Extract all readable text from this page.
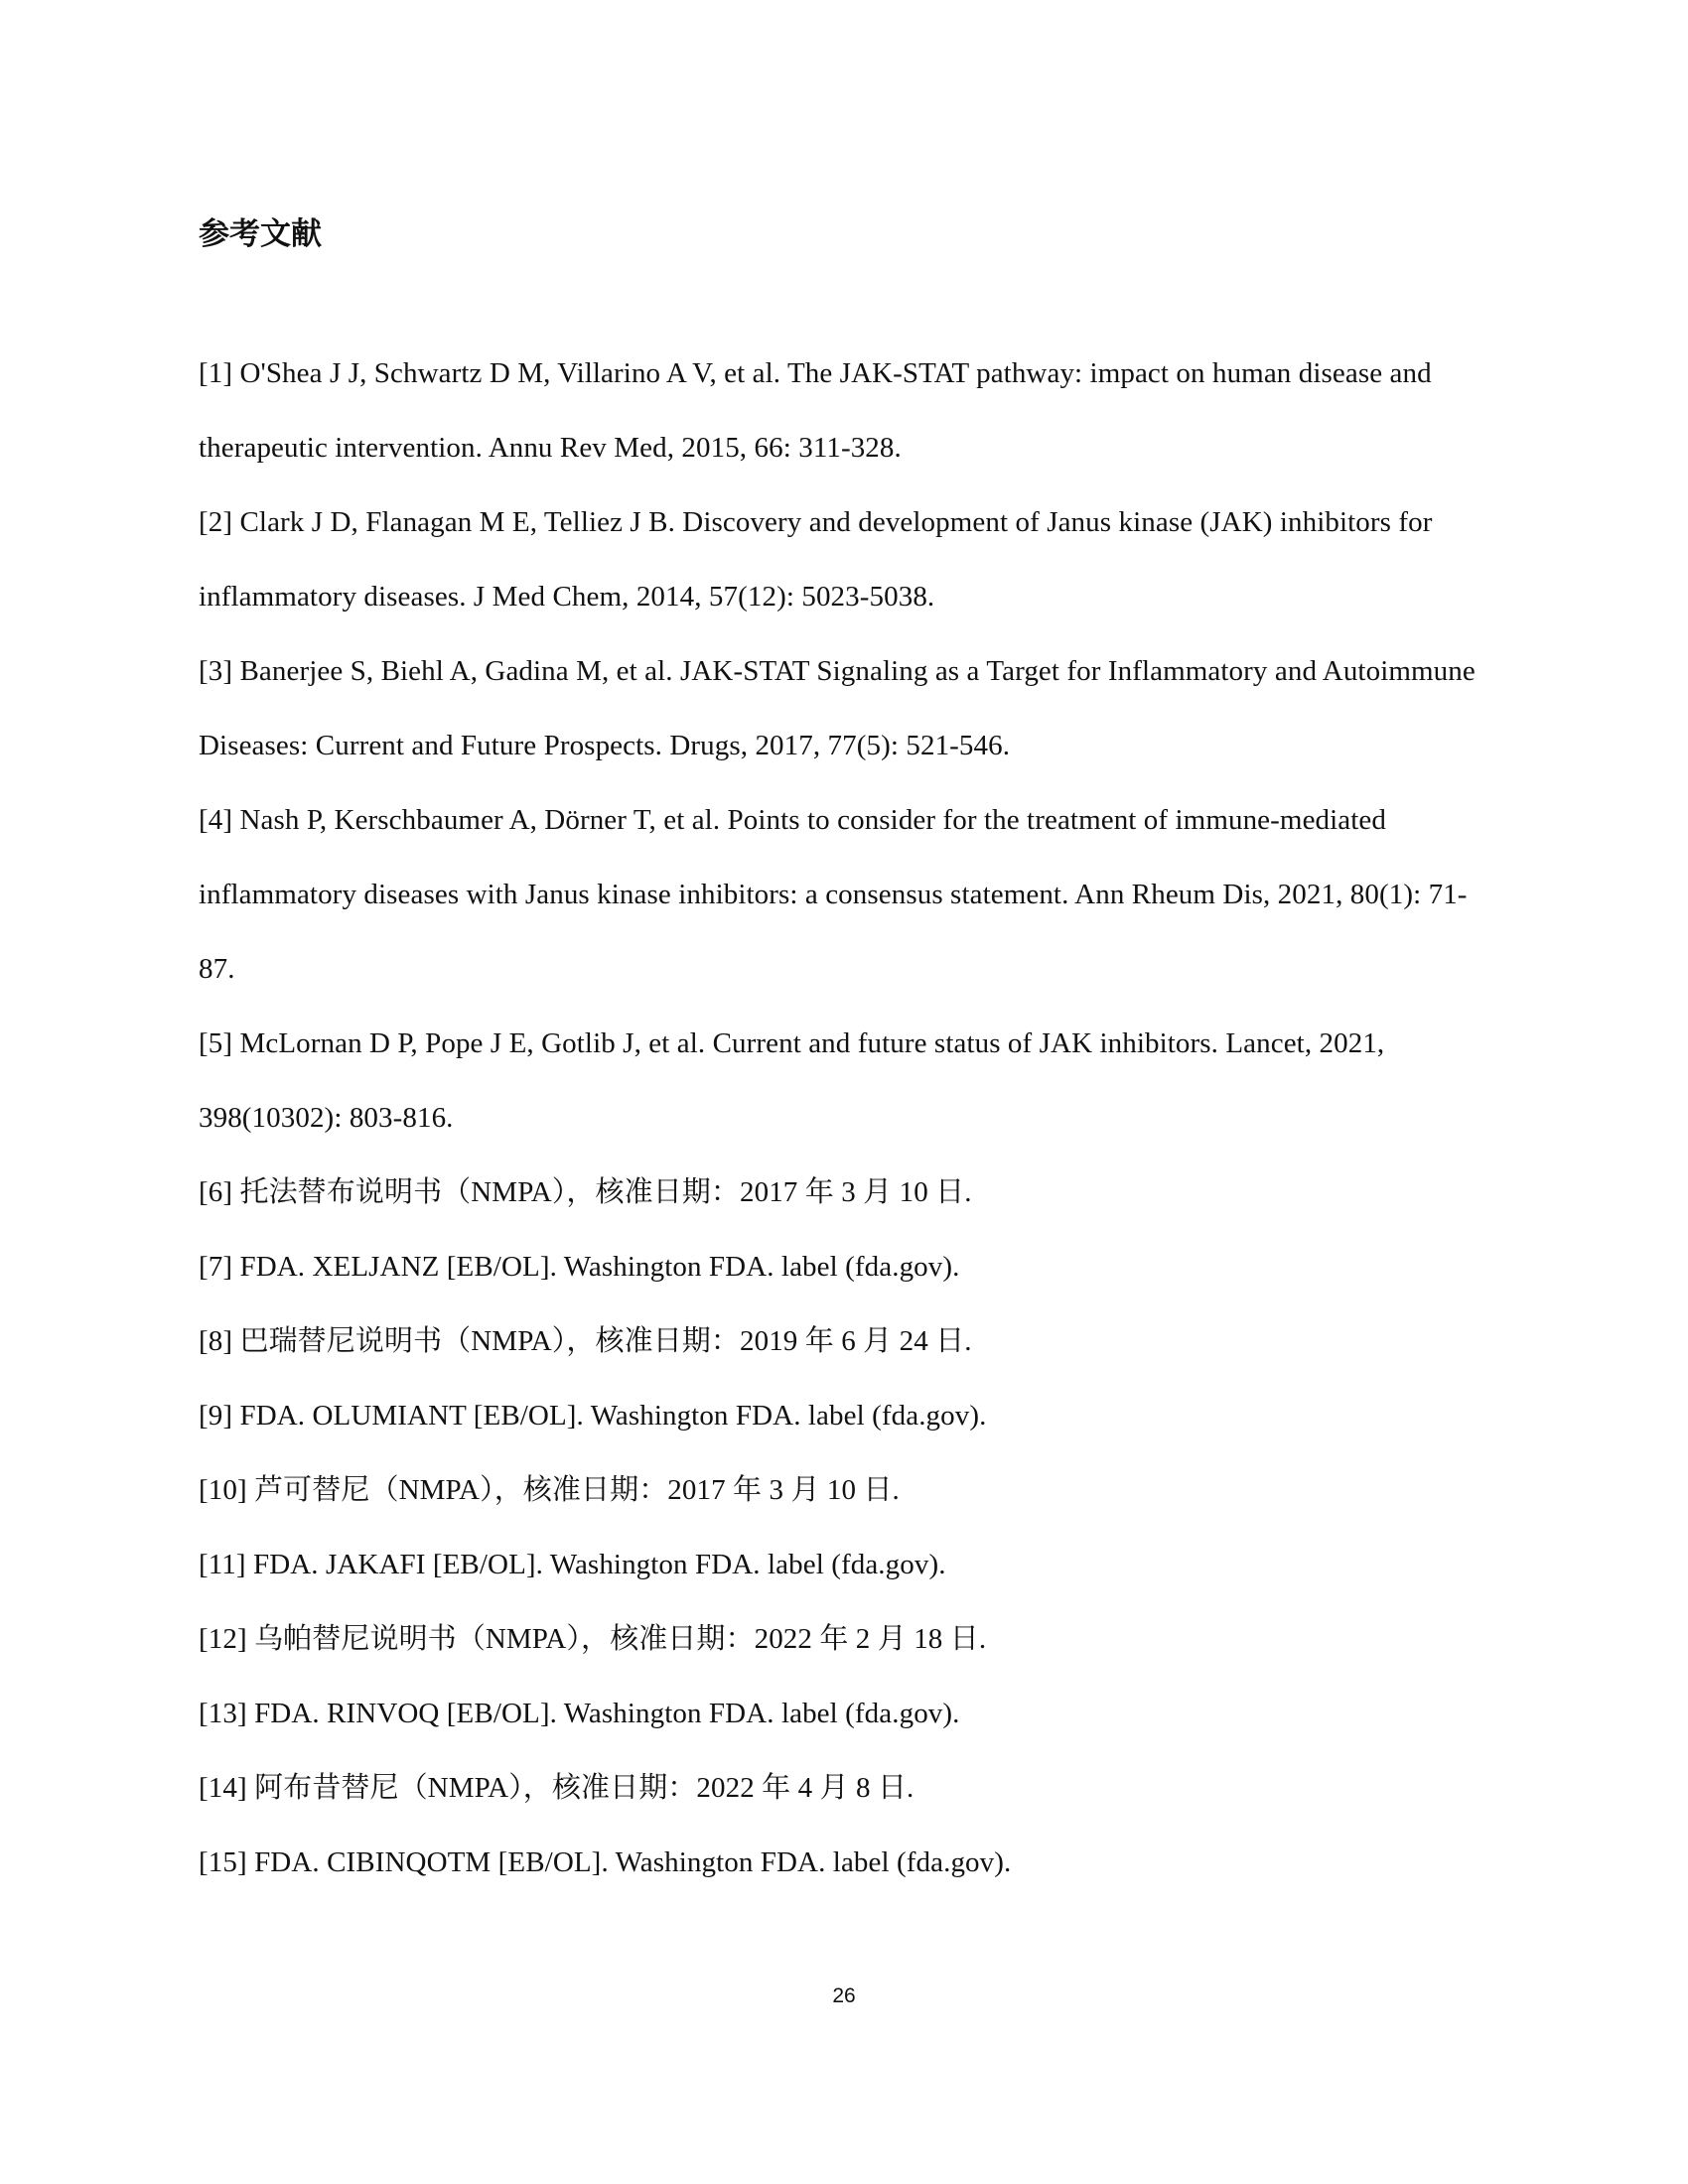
参考文献
[1] O'Shea J J, Schwartz D M, Villarino A V, et al. The JAK-STAT pathway: impact on human disease and therapeutic intervention. Annu Rev Med, 2015, 66: 311-328.
[2] Clark J D, Flanagan M E, Telliez J B. Discovery and development of Janus kinase (JAK) inhibitors for inflammatory diseases. J Med Chem, 2014, 57(12): 5023-5038.
[3] Banerjee S, Biehl A, Gadina M, et al. JAK-STAT Signaling as a Target for Inflammatory and Autoimmune Diseases: Current and Future Prospects. Drugs, 2017, 77(5): 521-546.
[4] Nash P, Kerschbaumer A, Dörner T, et al. Points to consider for the treatment of immune-mediated inflammatory diseases with Janus kinase inhibitors: a consensus statement. Ann Rheum Dis, 2021, 80(1): 71-87.
[5] McLornan D P, Pope J E, Gotlib J, et al. Current and future status of JAK inhibitors. Lancet, 2021, 398(10302): 803-816.
[6] 托法替布说明书（NMPA），核准日期：2017 年 3 月 10 日.
[7] FDA. XELJANZ [EB/OL]. Washington FDA. label (fda.gov).
[8] 巴瑞替尼说明书（NMPA），核准日期：2019 年 6 月 24 日.
[9] FDA. OLUMIANT [EB/OL]. Washington FDA. label (fda.gov).
[10] 芦可替尼（NMPA），核准日期：2017 年 3 月 10 日.
[11] FDA. JAKAFI [EB/OL]. Washington FDA. label (fda.gov).
[12] 乌帕替尼说明书（NMPA），核准日期：2022 年 2 月 18 日.
[13] FDA. RINVOQ [EB/OL]. Washington FDA. label (fda.gov).
[14] 阿布昔替尼（NMPA），核准日期：2022 年 4 月 8 日.
[15] FDA. CIBINQOTM [EB/OL]. Washington FDA. label (fda.gov).
26
